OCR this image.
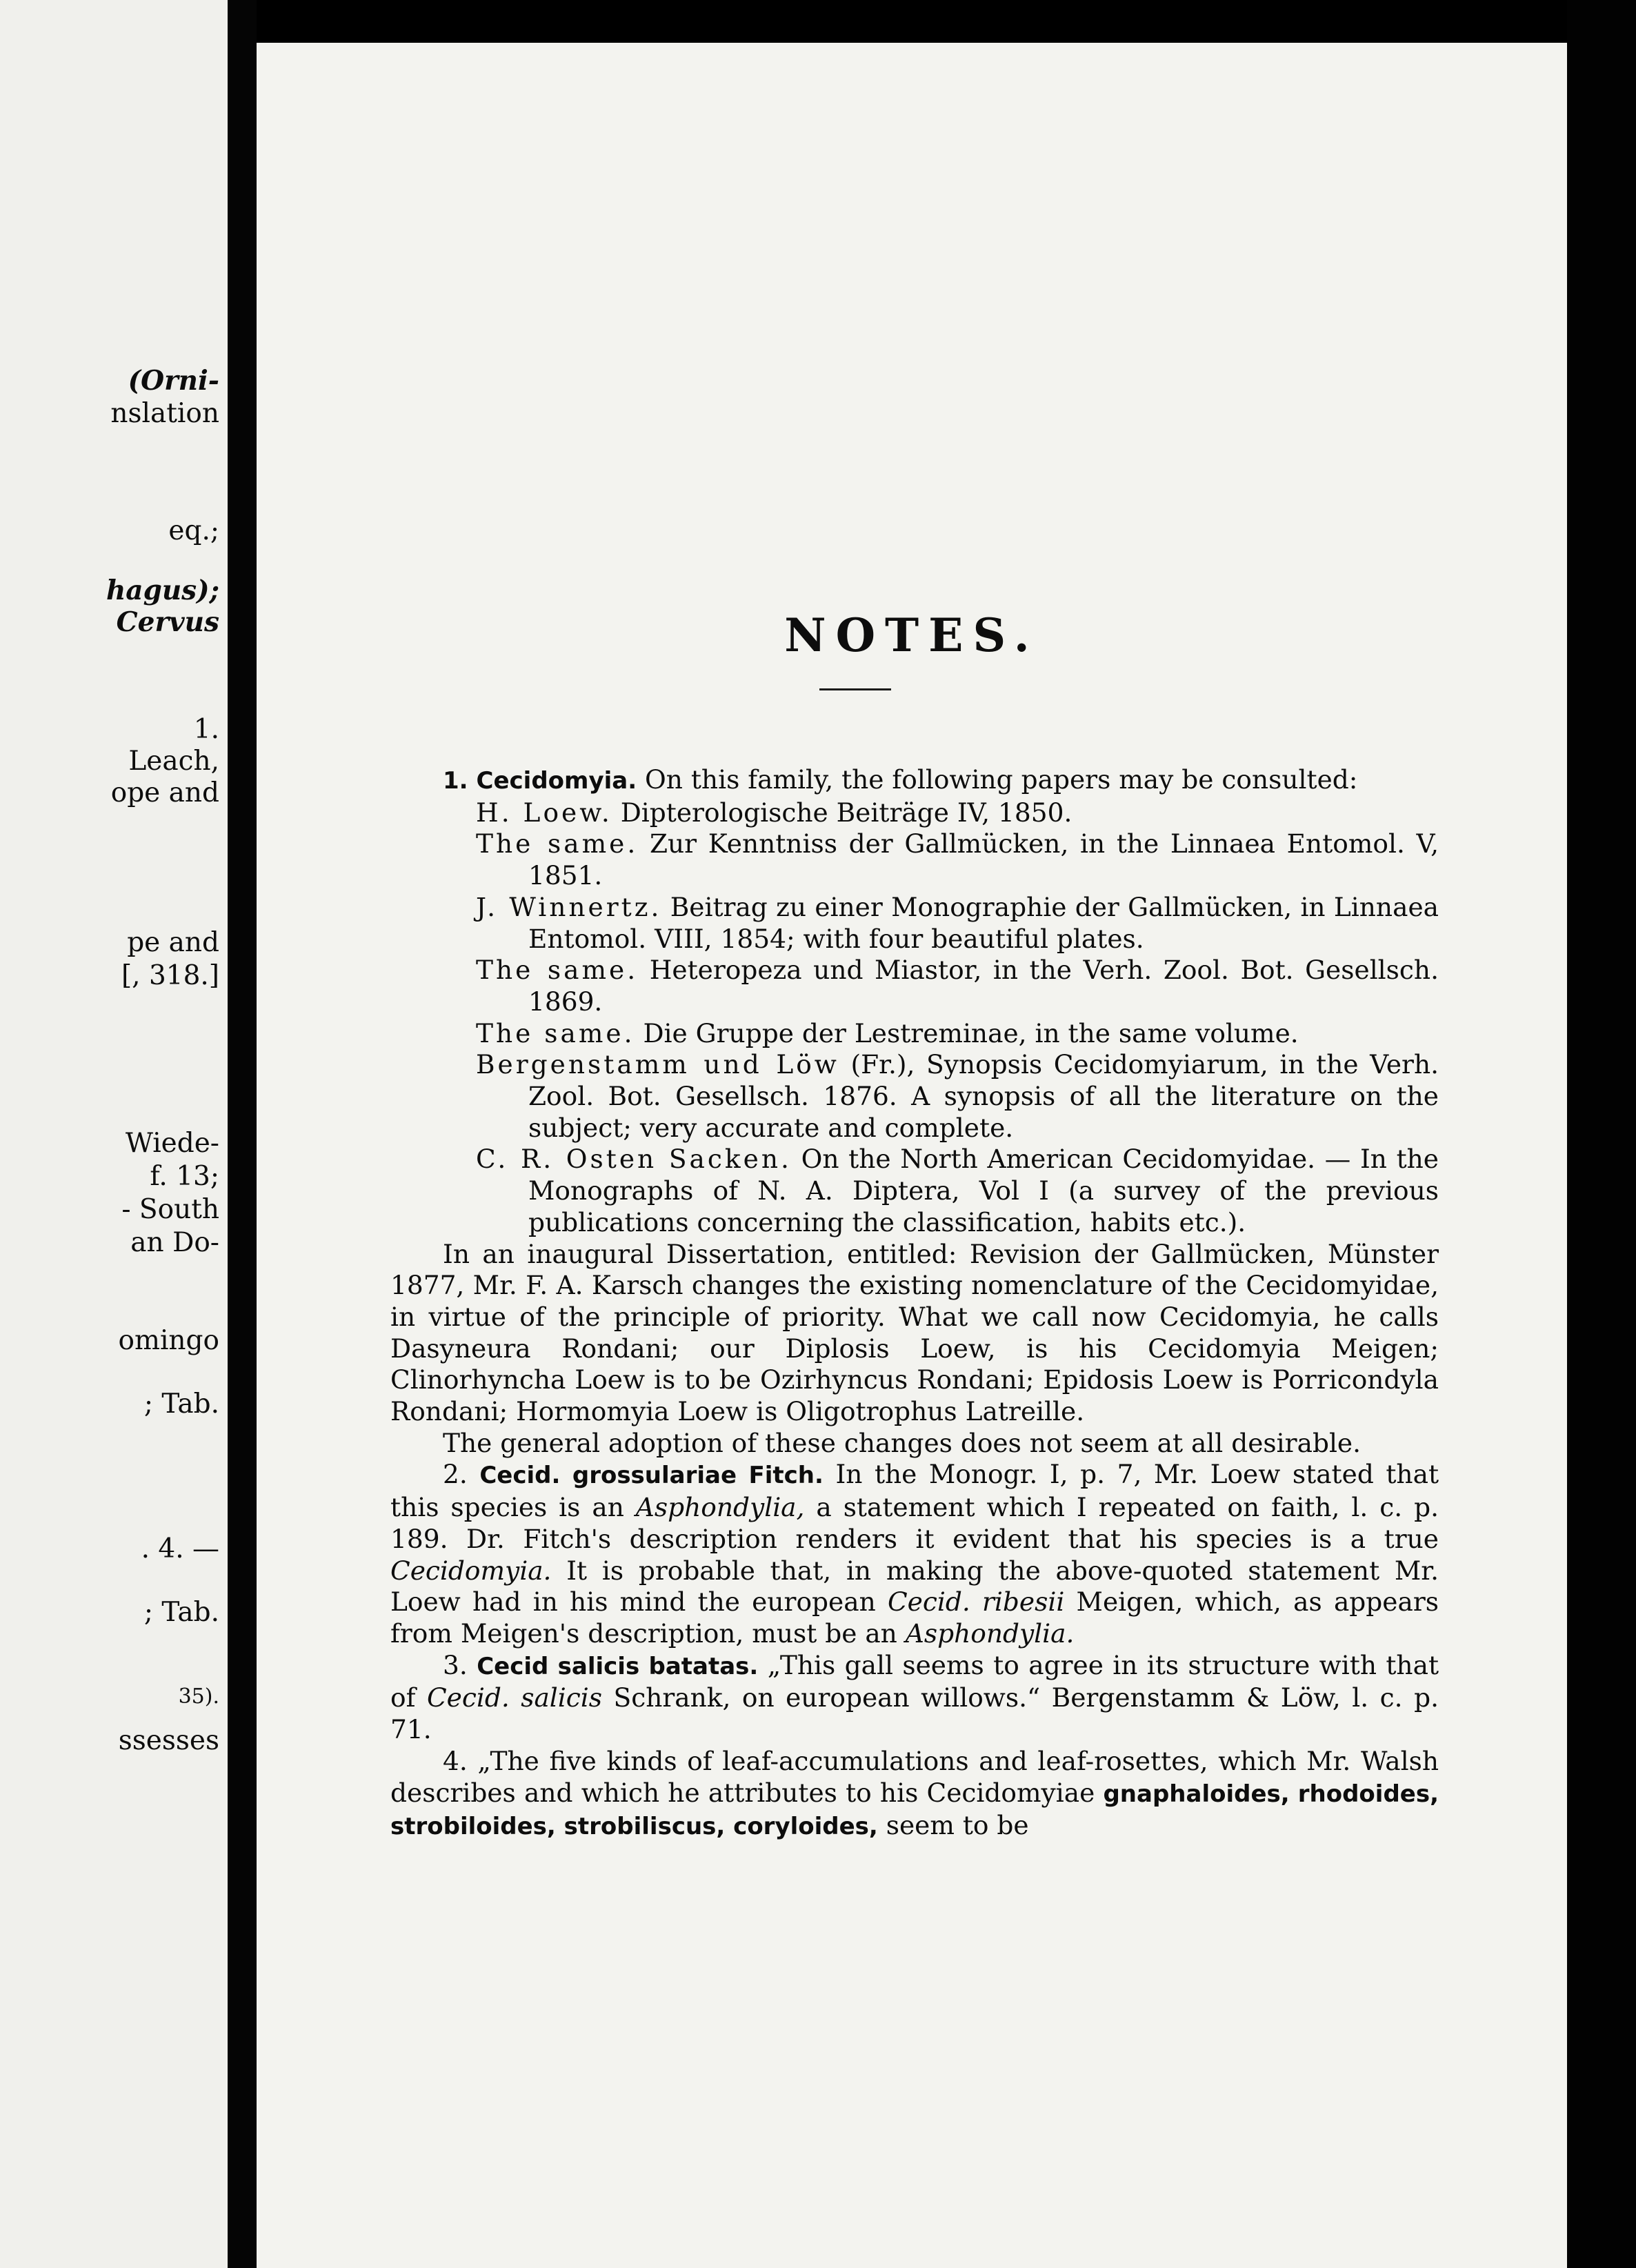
(Orni-
nslation
eq.;
hagus);
Cervus
1.
Leach,
ope and
pe and
[, 318.]
Wiede-
f. 13;
- South
an Do-
omingo
; Tab.
. 4. —
; Tab.
35).
ssesses
NOTES.

1. Cecidomyia. On this family, the following papers may be consulted:

H. Loew. Dipterologische Beiträge IV, 1850.

The same. Zur Kenntniss der Gallmücken, in the Linnaea Entomol. V, 1851.

J. Winnertz. Beitrag zu einer Monographie der Gallmücken, in Linnaea Entomol. VIII, 1854; with four beautiful plates.

The same. Heteropeza und Miastor, in the Verh. Zool. Bot. Gesellsch. 1869.

The same. Die Gruppe der Lestreminae, in the same volume.

Bergenstamm und Löw (Fr.), Synopsis Cecidomyiarum, in the Verh. Zool. Bot. Gesellsch. 1876. A synopsis of all the literature on the subject; very accurate and complete.

C. R. Osten Sacken. On the North American Cecidomyidae. — In the Monographs of N. A. Diptera, Vol I (a survey of the previous publications concerning the classification, habits etc.).

In an inaugural Dissertation, entitled: Revision der Gallmücken, Münster 1877, Mr. F. A. Karsch changes the existing nomenclature of the Cecidomyidae, in virtue of the principle of priority. What we call now Cecidomyia, he calls Dasyneura Rondani; our Diplosis Loew, is his Cecidomyia Meigen; Clinorhyncha Loew is to be Ozirhyncus Rondani; Epidosis Loew is Porricondyla Rondani; Hormomyia Loew is Oligotrophus Latreille.

The general adoption of these changes does not seem at all desirable.

2. Cecid. grossulariae Fitch. In the Monogr. I, p. 7, Mr. Loew stated that this species is an Asphondylia, a statement which I repeated on faith, l. c. p. 189. Dr. Fitch's description renders it evident that his species is a true Cecidomyia. It is probable that, in making the above-quoted statement Mr. Loew had in his mind the european Cecid. ribesii Meigen, which, as appears from Meigen's description, must be an Asphondylia.

3. Cecid salicis batatas. „This gall seems to agree in its structure with that of Cecid. salicis Schrank, on european willows.“ Bergenstamm & Löw, l. c. p. 71.

4. „The five kinds of leaf-accumulations and leaf-rosettes, which Mr. Walsh describes and which he attributes to his Cecidomyiae gnaphaloides, rhodoides, strobiloides, strobiliscus, coryloides, seem to be
